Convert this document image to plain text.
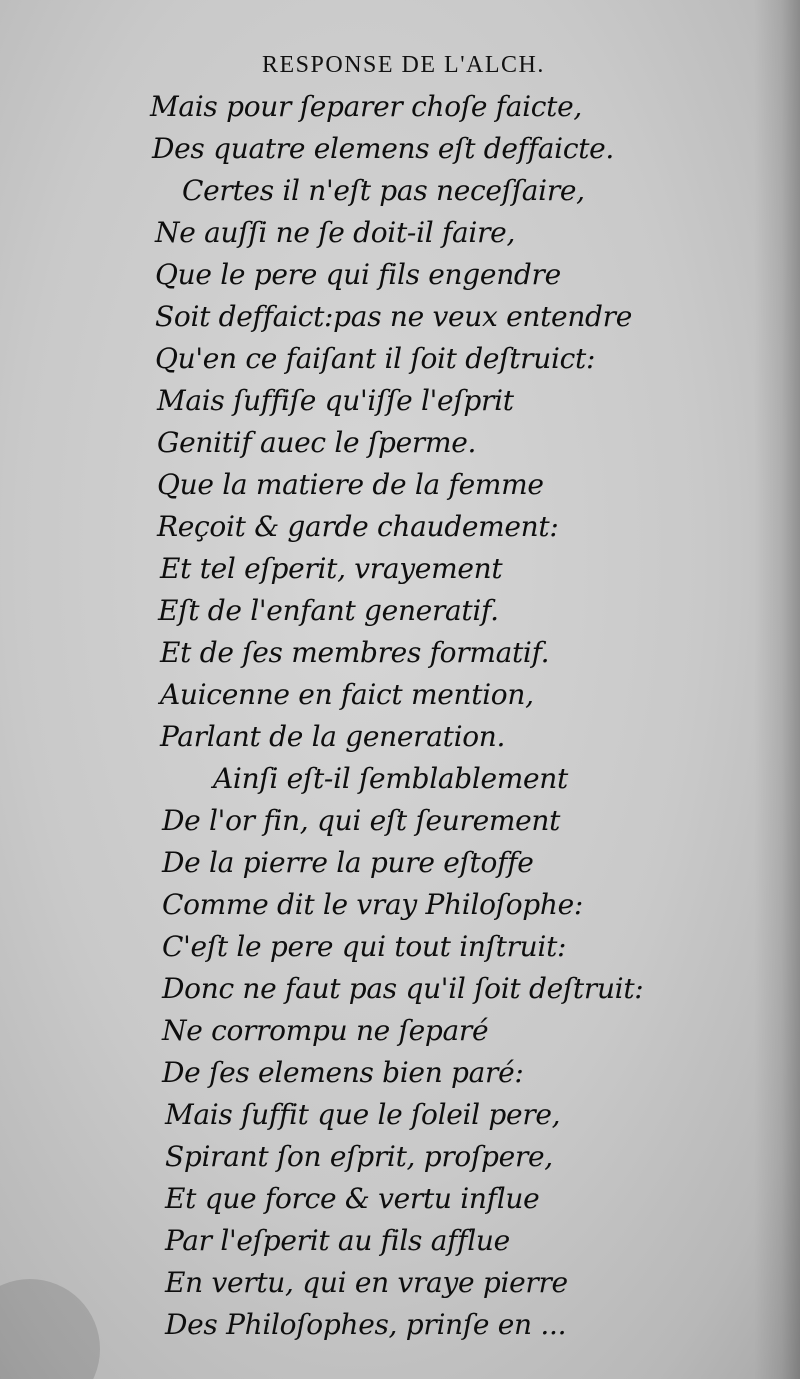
RESPONSE DE L'ALCH.
Mais pour ſeparer choſe faicte,
Des quatre elemens eſt deffaicte.
Certes il n'eſt pas neceſſaire,
Ne auſſi ne ſe doit-il faire,
Que le pere qui fils engendre
Soit deffaict:pas ne veux entendre
Qu'en ce faiſant il ſoit deſtruict:
Mais ſuffiſe qu'iſſe l'eſprit
Genitif auec le ſperme.
Que la matiere de la femme
Reçoit & garde chaudement:
Et tel eſperit, vrayement
Eſt de l'enfant generatif.
Et de ſes membres formatif.
Auicenne en faict mention,
Parlant de la generation.
Ainſi eſt-il ſemblablement
De l'or fin, qui eſt ſeurement
De la pierre la pure eſtoffe
Comme dit le vray Philoſophe:
C'eſt le pere qui tout inſtruit:
Donc ne faut pas qu'il ſoit deſtruit:
Ne corrompu ne ſeparé
De ſes elemens bien paré:
Mais ſuffit que le ſoleil pere,
Spirant ſon eſprit, proſpere,
Et que force & vertu influe
Par l'eſperit au fils afflue
En vertu, qui en vraye pierre
Des Philoſophes, prinſe en ...
